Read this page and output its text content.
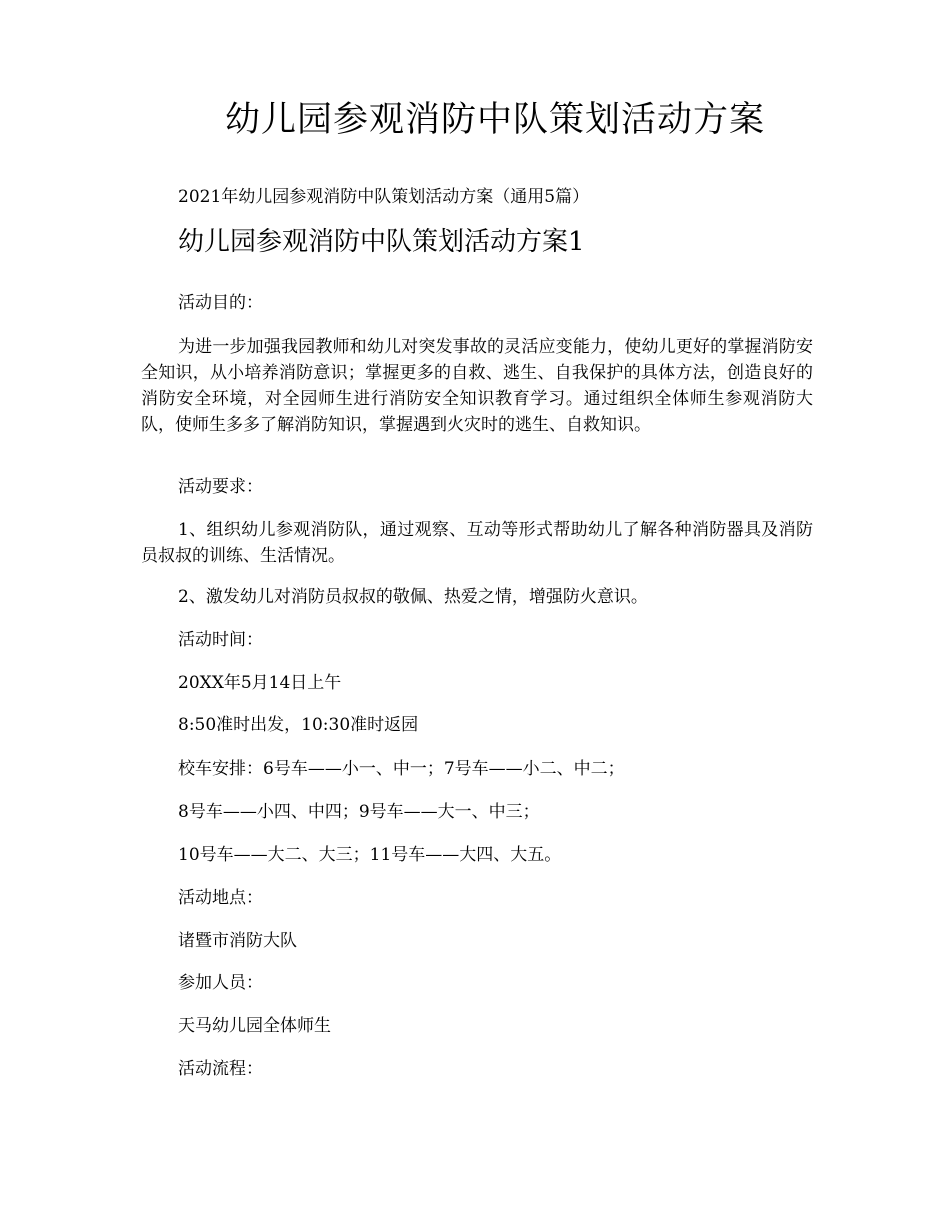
幼儿园参观消防中队策划活动方案
2021年幼儿园参观消防中队策划活动方案（通用5篇）
幼儿园参观消防中队策划活动方案1
活动目的：
为进一步加强我园教师和幼儿对突发事故的灵活应变能力，使幼儿更好的掌握消防安全知识，从小培养消防意识；掌握更多的自救、逃生、自我保护的具体方法，创造良好的消防安全环境，对全园师生进行消防安全知识教育学习。通过组织全体师生参观消防大队，使师生多多了解消防知识，掌握遇到火灾时的逃生、自救知识。
活动要求：
1、组织幼儿参观消防队，通过观察、互动等形式帮助幼儿了解各种消防器具及消防员叔叔的训练、生活情况。
2、激发幼儿对消防员叔叔的敬佩、热爱之情，增强防火意识。
活动时间：
20XX年5月14日上午
8:50准时出发，10:30准时返园
校车安排：6号车——小一、中一；7号车——小二、中二；
8号车——小四、中四；9号车——大一、中三；
10号车——大二、大三；11号车——大四、大五。
活动地点：
诸暨市消防大队
参加人员：
天马幼儿园全体师生
活动流程：
